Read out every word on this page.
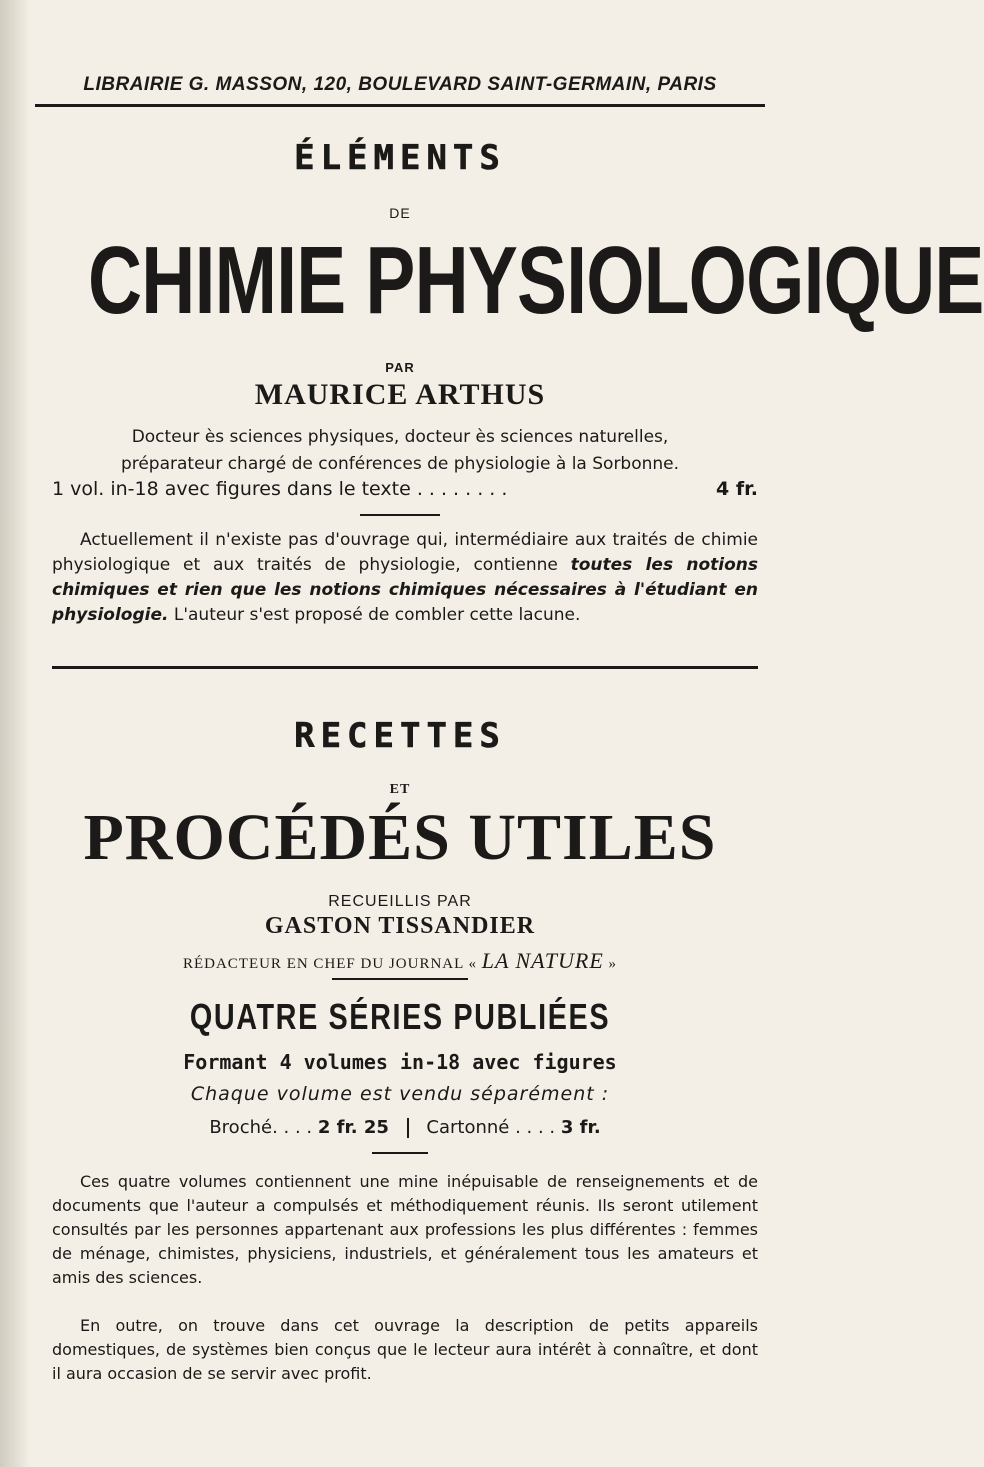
LIBRAIRIE G. MASSON, 120, BOULEVARD SAINT-GERMAIN, PARIS
ÉLÉMENTS
DE
CHIMIE PHYSIOLOGIQUE
PAR
MAURICE ARTHUS
Docteur ès sciences physiques, docteur ès sciences naturelles,
préparateur chargé de conférences de physiologie à la Sorbonne.
1 vol. in-18 avec figures dans le texte . . . . . . . .	4 fr.
Actuellement il n'existe pas d'ouvrage qui, intermédiaire aux traités de chimie physiologique et aux traités de physiologie, contienne toutes les notions chimiques et rien que les notions chimiques nécessaires à l'étudiant en physiologie. L'auteur s'est proposé de combler cette lacune.
RECETTES
ET
PROCÉDÉS UTILES
RECUEILLIS PAR
GASTON TISSANDIER
RÉDACTEUR EN CHEF DU JOURNAL « LA NATURE »
QUATRE SÉRIES PUBLIÉES
Formant 4 volumes in-18 avec figures
Chaque volume est vendu séparément :
Broché. . . . 2 fr. 25 Cartonné . . . . 3 fr.
Ces quatre volumes contiennent une mine inépuisable de renseignements et de documents que l'auteur a compulsés et méthodiquement réunis. Ils seront utilement consultés par les personnes appartenant aux professions les plus différentes : femmes de ménage, chimistes, physiciens, industriels, et généralement tous les amateurs et amis des sciences.
En outre, on trouve dans cet ouvrage la description de petits appareils domestiques, de systèmes bien conçus que le lecteur aura intérêt à connaître, et dont il aura occasion de se servir avec profit.
